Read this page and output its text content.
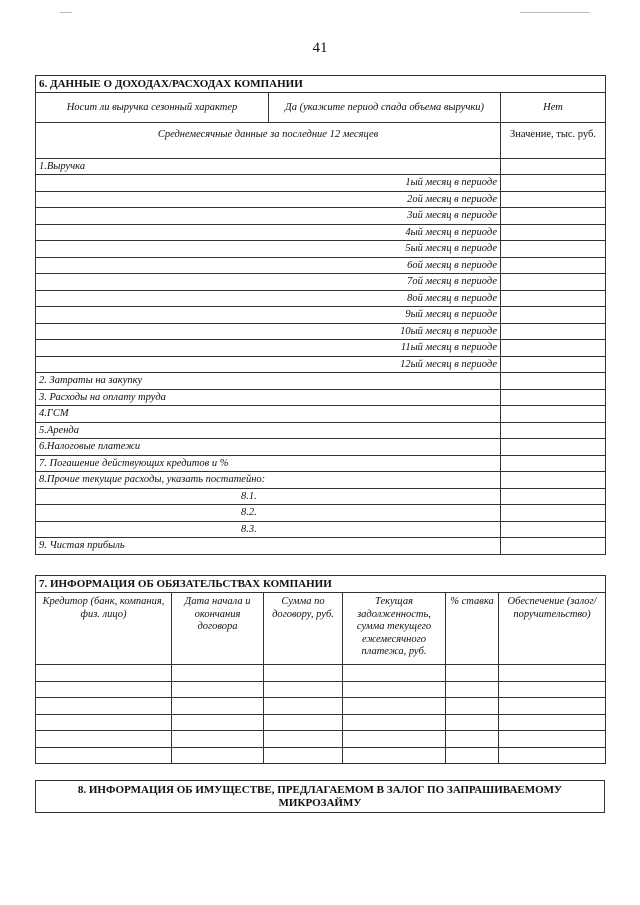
41
6. ДАННЫЕ О ДОХОДАХ/РАСХОДАХ КОМПАНИИ
Носит ли выручка сезонный характер	Да (укажите период спада объема выручки)	Нет
Среднемесячные данные за последние 12 месяцев	Значение, тыс. руб.
1.Выручка	
1ый месяц в периоде	
2ой месяц в периоде	
3ий месяц в периоде	
4ый месяц в периоде	
5ый месяц в периоде	
6ой месяц в периоде	
7ой месяц в периоде	
8ой месяц в периоде	
9ый месяц в периоде	
10ый месяц в периоде	
11ый месяц в периоде	
12ый месяц в периоде	
2. Затраты на закупку	
3. Расходы на оплату труда	
4.ГСМ	
5.Аренда	
6.Налоговые платежи	
7. Погашение действующих кредитов и %	
8.Прочие текущие расходы, указать постатейно:	
8.1.	
8.2.	
8.3.	
9. Чистая прибыль	
7. ИНФОРМАЦИЯ ОБ ОБЯЗАТЕЛЬСТВАХ КОМПАНИИ					
Кредитор (банк, компания, физ. лицо)	Дата начала и окончания договора	Сумма по договору, руб.	Текущая задолженность, сумма текущего ежемесячного платежа, руб.	% ставка	Обеспечение (залог/ поручительство)

8. ИНФОРМАЦИЯ ОБ ИМУЩЕСТВЕ, ПРЕДЛАГАЕМОМ В ЗАЛОГ ПО ЗАПРАШИВАЕМОМУ МИКРОЗАЙМУ
